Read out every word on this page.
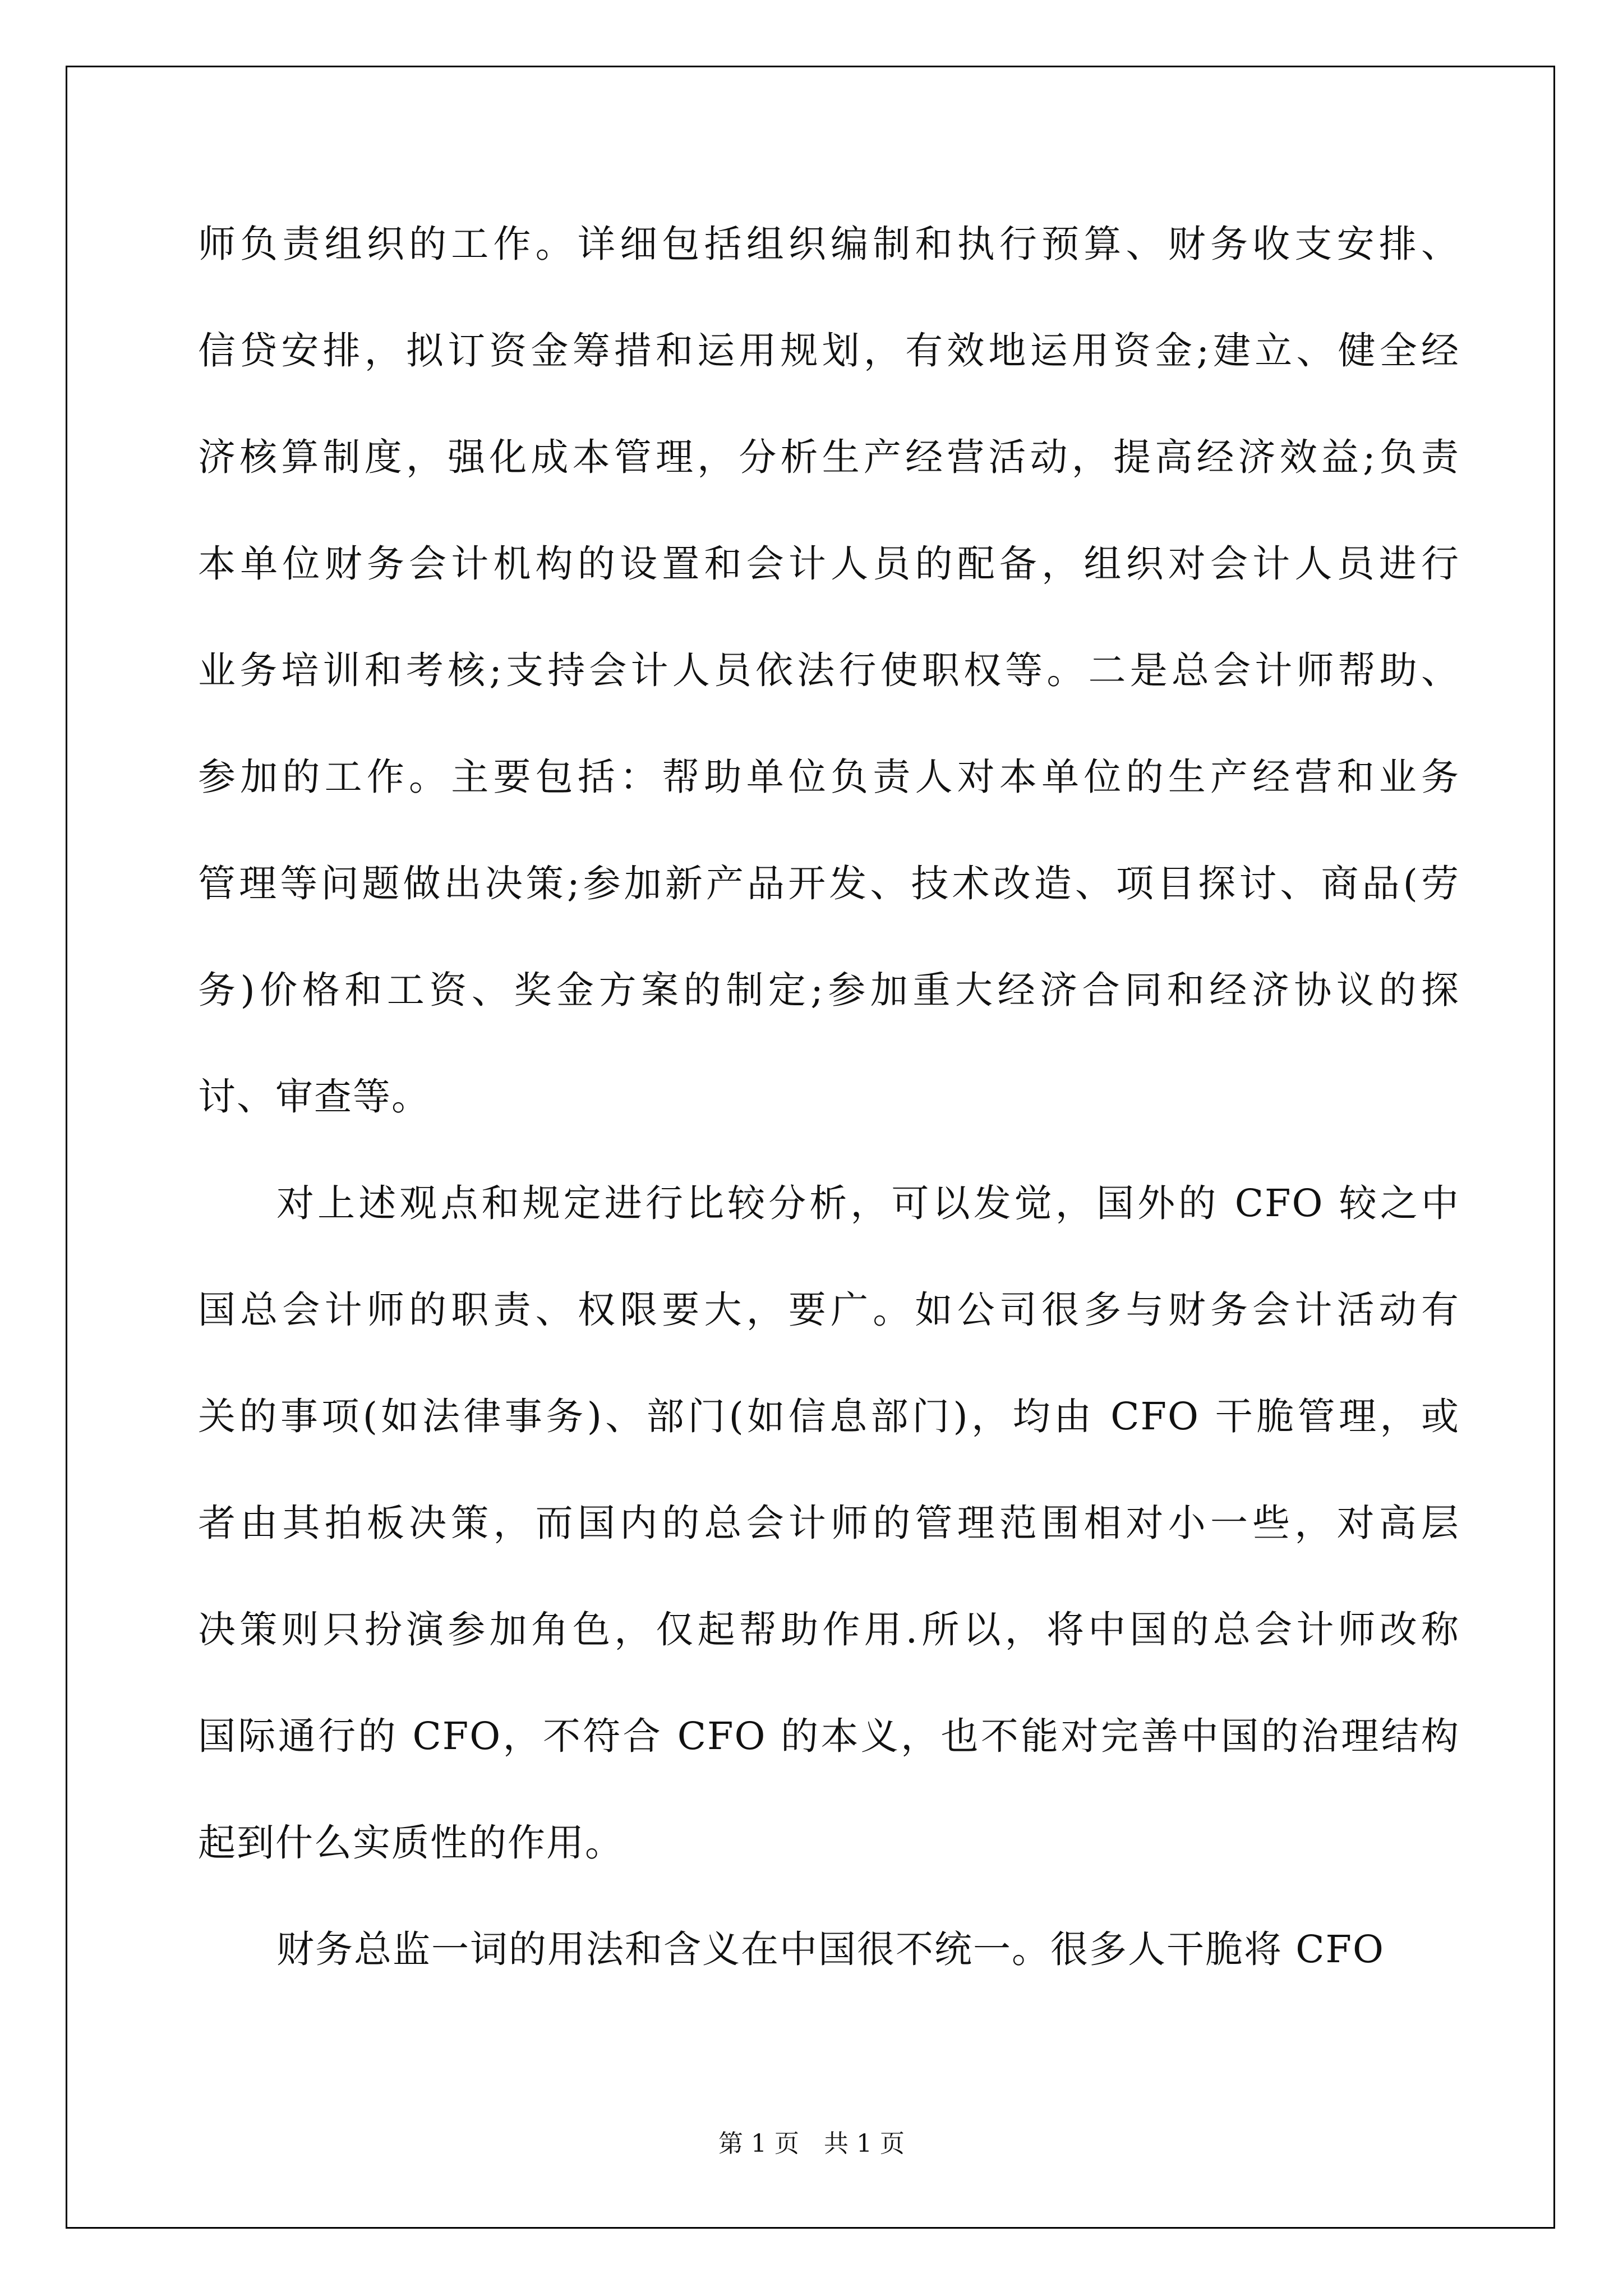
师负责组织的工作。详细包括组织编制和执行预算、财务收支安排、
信贷安排，拟订资金筹措和运用规划，有效地运用资金;建立、健全经
济核算制度，强化成本管理，分析生产经营活动，提高经济效益;负责
本单位财务会计机构的设置和会计人员的配备，组织对会计人员进行
业务培训和考核;支持会计人员依法行使职权等。二是总会计师帮助、
参加的工作。主要包括：帮助单位负责人对本单位的生产经营和业务
管理等问题做出决策;参加新产品开发、技术改造、项目探讨、商品(劳
务)价格和工资、奖金方案的制定;参加重大经济合同和经济协议的探
讨、审查等。
对上述观点和规定进行比较分析，可以发觉，国外的 CFO 较之中
国总会计师的职责、权限要大，要广。如公司很多与财务会计活动有
关的事项(如法律事务)、部门(如信息部门)，均由 CFO 干脆管理，或
者由其拍板决策，而国内的总会计师的管理范围相对小一些，对高层
决策则只扮演参加角色，仅起帮助作用.所以，将中国的总会计师改称
国际通行的 CFO，不符合 CFO 的本义，也不能对完善中国的治理结构
起到什么实质性的作用。
财务总监一词的用法和含义在中国很不统一。很多人干脆将 CFO
第 1 页　共 1 页
